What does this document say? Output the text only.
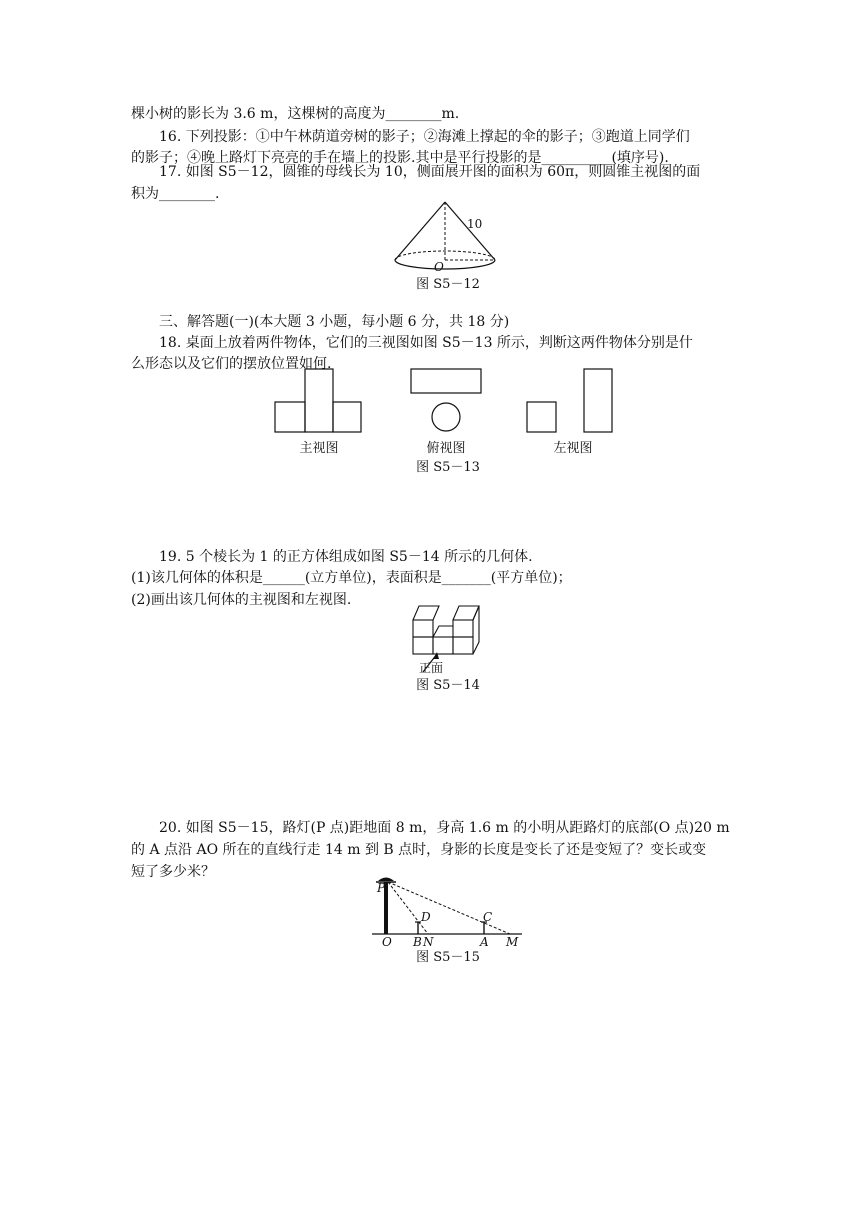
棵小树的影长为 3.6 m，这棵树的高度为________m.
16. 下列投影：①中午林荫道旁树的影子；②海滩上撑起的伞的影子；③跑道上同学们
的影子；④晚上路灯下亮亮的手在墙上的投影.其中是平行投影的是__________(填序号).
17. 如图 S5－12，圆锥的母线长为 10，侧面展开图的面积为 60π，则圆锥主视图的面
积为________.
10
O
图 S5－12
三、解答题(一)(本大题 3 小题，每小题 6 分，共 18 分)
18. 桌面上放着两件物体，它们的三视图如图 S5－13 所示，判断这两件物体分别是什
么形态以及它们的摆放位置如何.
主视图	俯视图	左视图
图 S5－13
19. 5 个棱长为 1 的正方体组成如图 S5－14 所示的几何体.
(1)该几何体的体积是______(立方单位)，表面积是_______(平方单位)；
(2)画出该几何体的主视图和左视图.
正面
图 S5－14
20. 如图 S5－15，路灯(P 点)距地面 8 m，身高 1.6 m 的小明从距路灯的底部(O 点)20 m
的 A 点沿 AO 所在的直线行走 14 m 到 B 点时，身影的长度是变长了还是变短了？变长或变
短了多少米？
P
D	C
O B N	A M
图 S5－15
